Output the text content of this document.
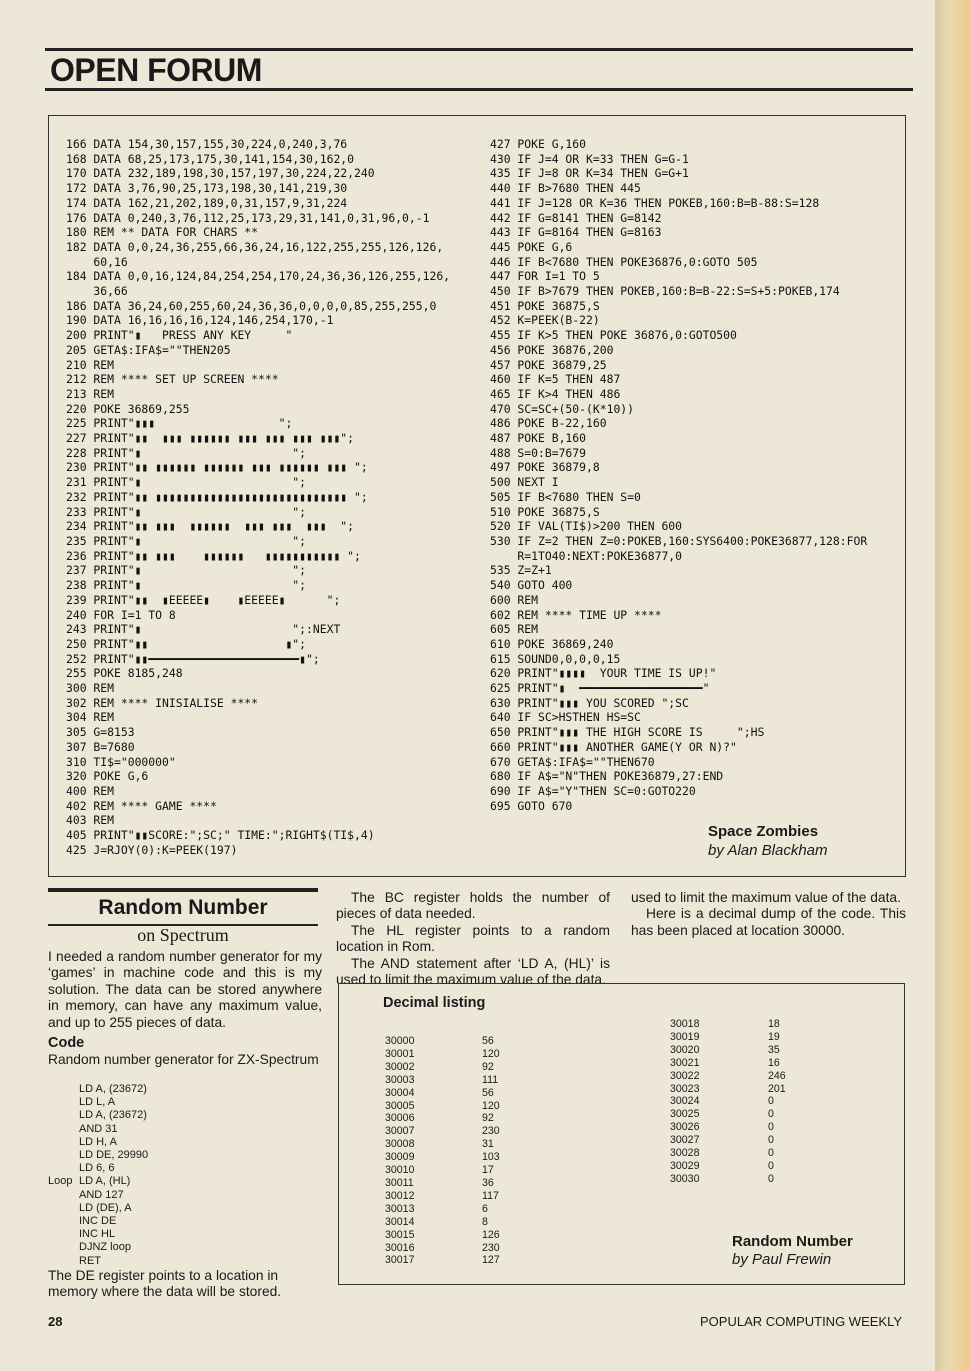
OPEN FORUM
166 DATA 154,30,157,155,30,224,0,240,3,76
168 DATA 68,25,173,175,30,141,154,30,162,0
170 DATA 232,189,198,30,157,197,30,224,22,240
172 DATA 3,76,90,25,173,198,30,141,219,30
174 DATA 162,21,202,189,0,31,157,9,31,224
176 DATA 0,240,3,76,112,25,173,29,31,141,0,31,96,0,-1
180 REM ** DATA FOR CHARS **
182 DATA 0,0,24,36,255,66,36,24,16,122,255,255,126,126,
60,16
184 DATA 0,0,16,124,84,254,254,170,24,36,36,126,255,126,
36,66
186 DATA 36,24,60,255,60,24,36,36,0,0,0,0,85,255,255,0
190 DATA 16,16,16,16,124,146,254,170,-1
200 PRINT"▮   PRESS ANY KEY     "
205 GETA$:IFA$=""THEN205
210 REM
212 REM **** SET UP SCREEN ****
213 REM
220 POKE 36869,255
225 PRINT"▮▮▮                  ";
227 PRINT"▮▮  ▮▮▮ ▮▮▮▮▮▮ ▮▮▮ ▮▮▮ ▮▮▮ ▮▮▮";
228 PRINT"▮                      ";
230 PRINT"▮▮ ▮▮▮▮▮▮ ▮▮▮▮▮▮ ▮▮▮ ▮▮▮▮▮▮ ▮▮▮ ";
231 PRINT"▮                      ";
232 PRINT"▮▮ ▮▮▮▮▮▮▮▮▮▮▮▮▮▮▮▮▮▮▮▮▮▮▮▮▮▮▮▮ ";
233 PRINT"▮                      ";
234 PRINT"▮▮ ▮▮▮  ▮▮▮▮▮▮  ▮▮▮ ▮▮▮  ▮▮▮  ";
235 PRINT"▮                      ";
236 PRINT"▮▮ ▮▮▮    ▮▮▮▮▮▮   ▮▮▮▮▮▮▮▮▮▮▮ ";
237 PRINT"▮                      ";
238 PRINT"▮                      ";
239 PRINT"▮▮  ▮EEEEE▮    ▮EEEEE▮      ";
240 FOR I=1 TO 8
243 PRINT"▮                      ";:NEXT
250 PRINT"▮▮                    ▮";
252 PRINT"▮▮━━━━━━━━━━━━━━━━━━━━━━▮";
255 POKE 8185,248
300 REM
302 REM **** INISIALISE ****
304 REM
305 G=8153
307 B=7680
310 TI$="000000"
320 POKE G,6
400 REM
402 REM **** GAME ****
403 REM
405 PRINT"▮▮SCORE:";SC;" TIME:";RIGHT$(TI$,4)
425 J=RJOY(0):K=PEEK(197)
427 POKE G,160
430 IF J=4 OR K=33 THEN G=G-1
435 IF J=8 OR K=34 THEN G=G+1
440 IF B>7680 THEN 445
441 IF J=128 OR K=36 THEN POKEB,160:B=B-88:S=128
442 IF G=8141 THEN G=8142
443 IF G=8164 THEN G=8163
445 POKE G,6
446 IF B<7680 THEN POKE36876,0:GOTO 505
447 FOR I=1 TO 5
450 IF B>7679 THEN POKEB,160:B=B-22:S=S+5:POKEB,174
451 POKE 36875,S
452 K=PEEK(B-22)
455 IF K>5 THEN POKE 36876,0:GOTO500
456 POKE 36876,200
457 POKE 36879,25
460 IF K=5 THEN 487
465 IF K>4 THEN 486
470 SC=SC+(50-(K*10))
486 POKE B-22,160
487 POKE B,160
488 S=0:B=7679
497 POKE 36879,8
500 NEXT I
505 IF B<7680 THEN S=0
510 POKE 36875,S
520 IF VAL(TI$)>200 THEN 600
530 IF Z=2 THEN Z=0:POKEB,160:SYS6400:POKE36877,128:FOR
R=1TO40:NEXT:POKE36877,0
535 Z=Z+1
540 GOTO 400
600 REM
602 REM **** TIME UP ****
605 REM
610 POKE 36869,240
615 SOUND0,0,0,0,15
620 PRINT"▮▮▮▮  YOUR TIME IS UP!"
625 PRINT"▮  ━━━━━━━━━━━━━━━━━━"
630 PRINT"▮▮▮ YOU SCORED ";SC
640 IF SC>HSTHEN HS=SC
650 PRINT"▮▮▮ THE HIGH SCORE IS     ";HS
660 PRINT"▮▮▮ ANOTHER GAME(Y OR N)?"
670 GETA$:IFA$=""THEN670
680 IF A$="N"THEN POKE36879,27:END
690 IF A$="Y"THEN SC=0:GOTO220
695 GOTO 670
Space Zombies
by Alan Blackham
Random Number
on Spectrum
I needed a random number generator for my ‘games’ in machine code and this is my solution. The data can be stored anywhere in memory, can have any maximum value, and up to 255 pieces of data.
Code
Random number generator for ZX-Spectrum

Loop

LD A, (23672)
LD L, A
LD A, (23672)
AND 31
LD H, A
LD DE, 29990
LD 6, 6
LD A, (HL)
AND 127
LD (DE), A
INC DE
INC HL
DJNZ loop
RET
The DE register points to a location in memory where the data will be stored.

The BC register holds the number of pieces of data needed.

The HL register points to a random location in Rom.

The AND statement after ‘LD A, (HL)’ is used to limit the maximum value of the data.

used to limit the maximum value of the data.

Here is a decimal dump of the code. This has been placed at location 30000.

Decimal listing
30000
30001
30002
30003
30004
30005
30006
30007
30008
30009
30010
30011
30012
30013
30014
30015
30016
30017
56
120
92
111
56
120
92
230
31
103
17
36
117
6
8
126
230
127
30018
30019
30020
30021
30022
30023
30024
30025
30026
30027
30028
30029
30030
18
19
35
16
246
201
0
0
0
0
0
0
0
Random Number
by Paul Frewin
28	POPULAR COMPUTING WEEKLY
